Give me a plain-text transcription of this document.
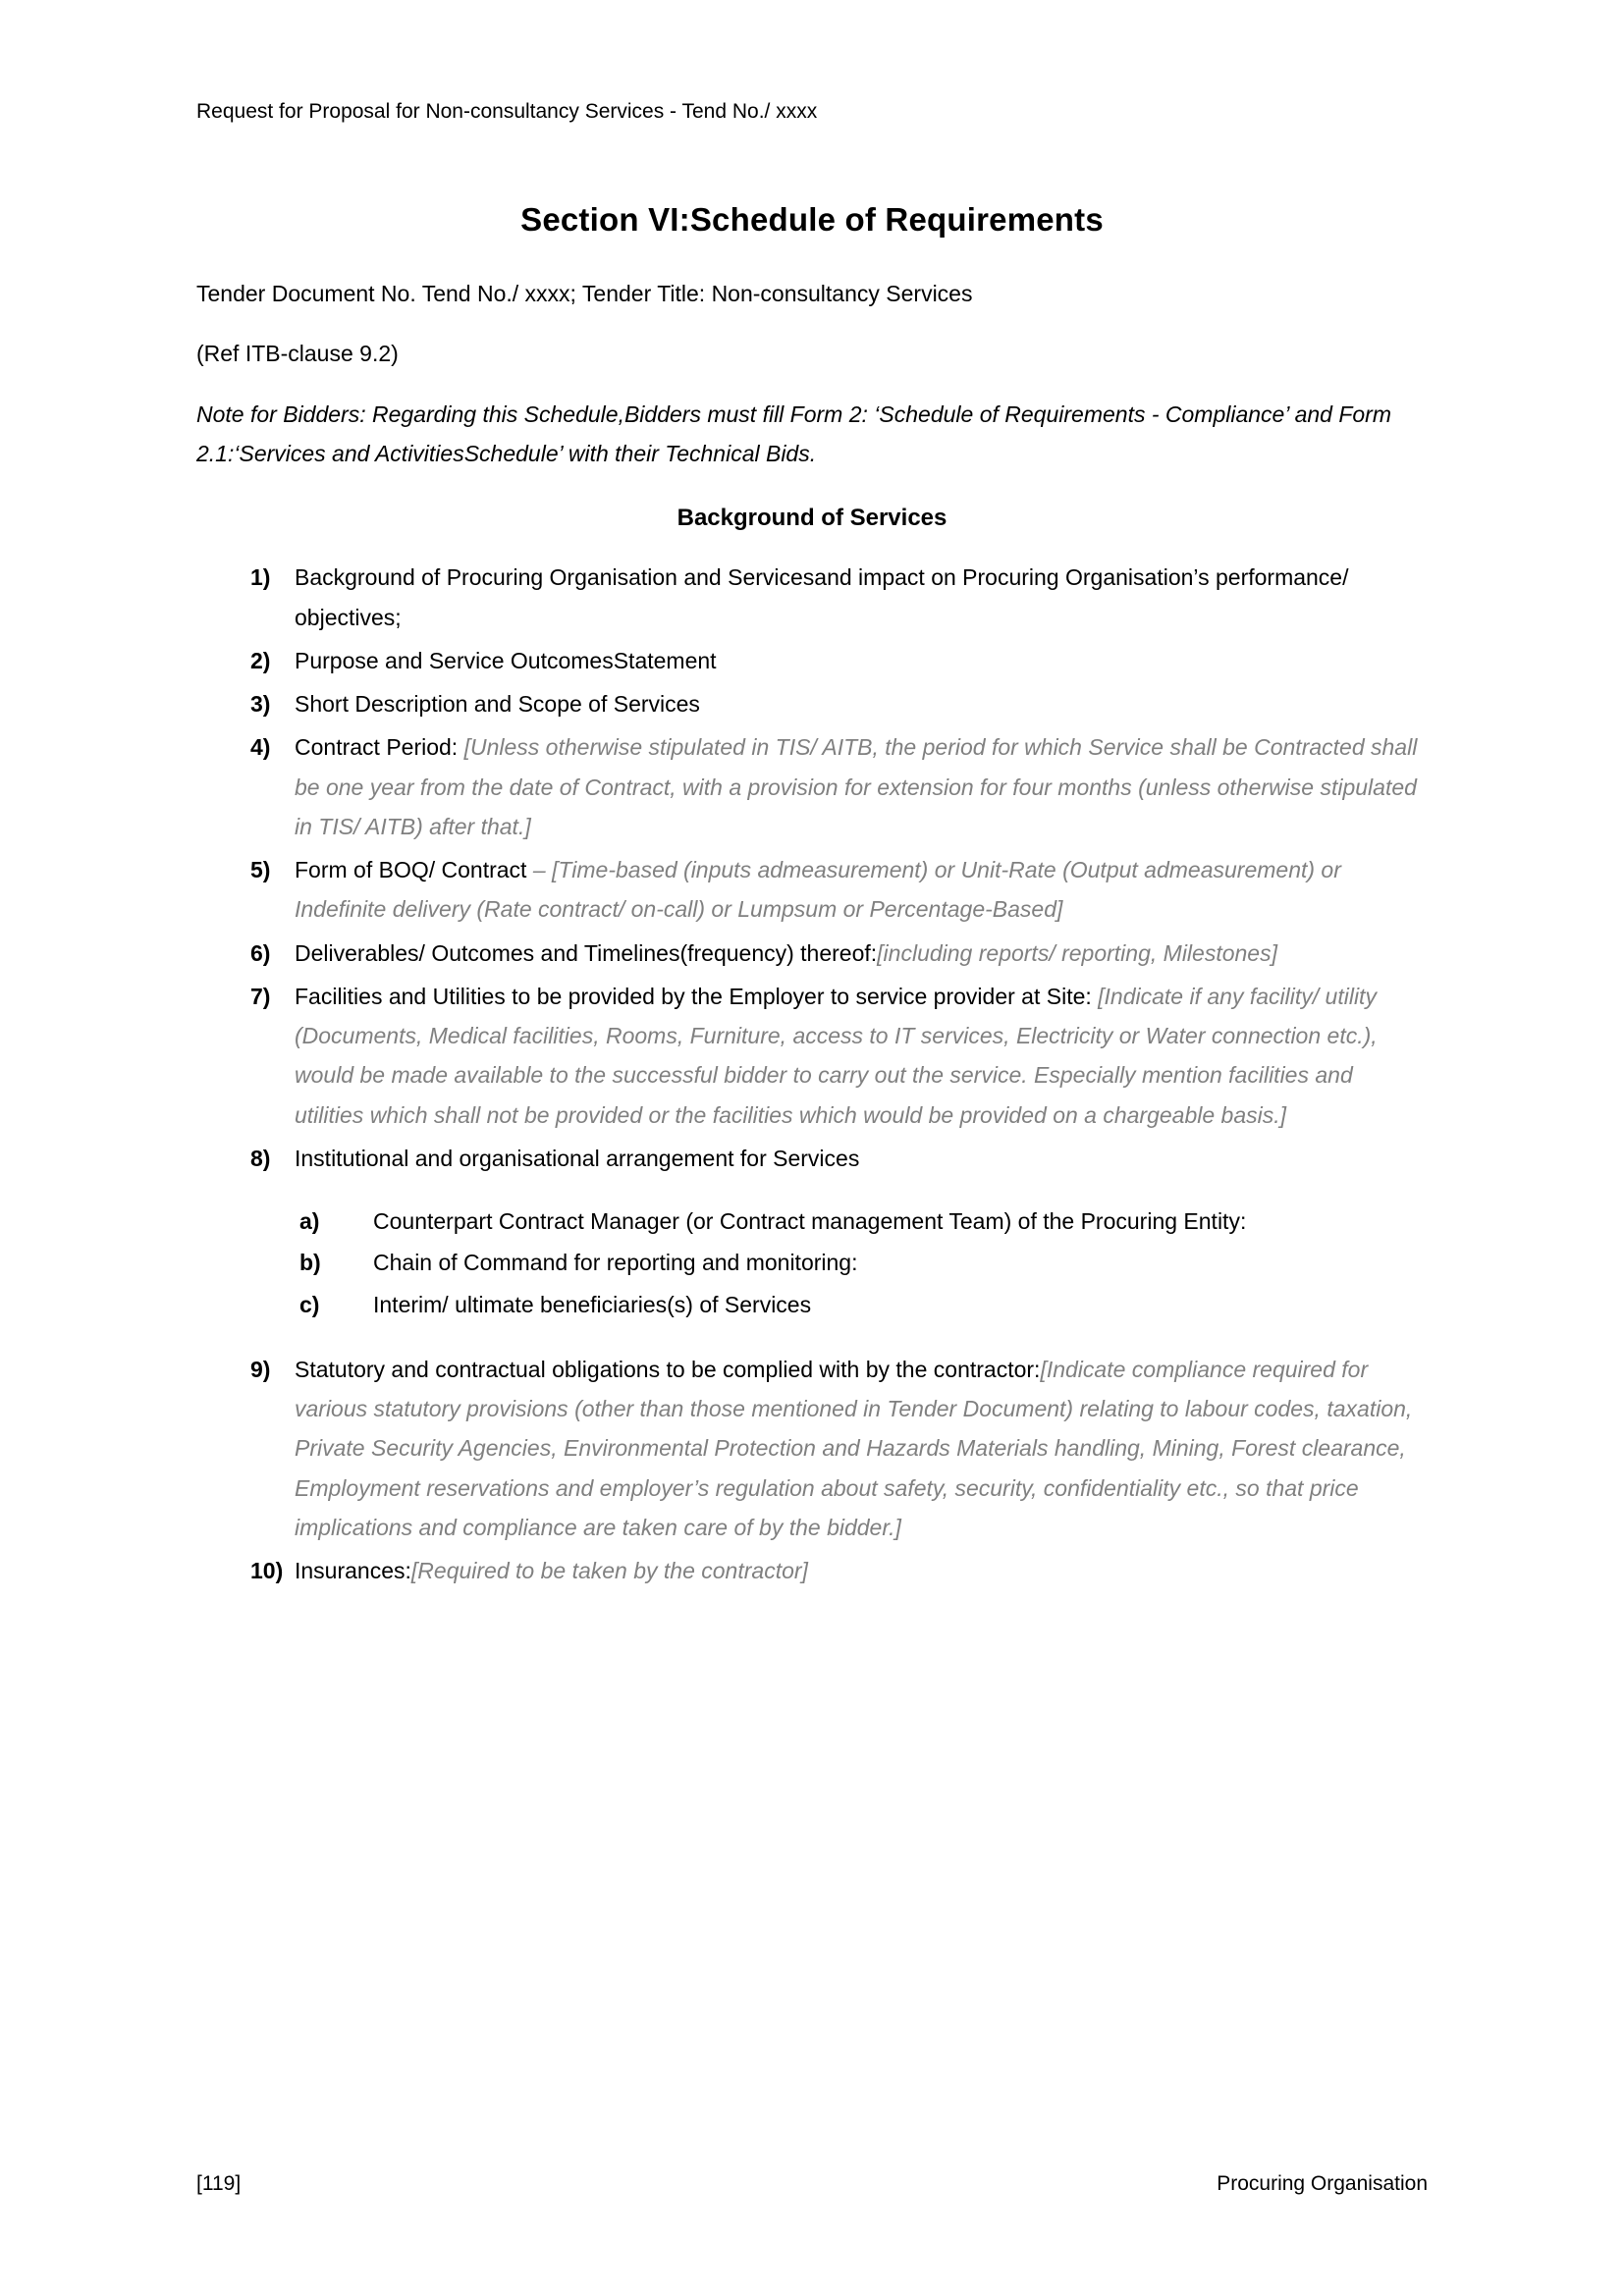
Request for Proposal for Non-consultancy Services - Tend No./ xxxx
Section VI:Schedule of Requirements

Tender Document No. Tend No./ xxxx; Tender Title: Non-consultancy Services

(Ref ITB-clause 9.2)

Note for Bidders: Regarding this Schedule,Bidders must fill Form 2: ‘Schedule of Requirements - Compliance’ and Form 2.1:‘Services and ActivitiesSchedule’ with their Technical Bids.

Background of Services
1)	Background of Procuring Organisation and Servicesand impact on Procuring Organisation’s performance/ objectives;
2)	Purpose and Service OutcomesStatement
3)	Short Description and Scope of Services
4)	Contract Period: [Unless otherwise stipulated in TIS/ AITB, the period for which Service shall be Contracted shall be one year from the date of Contract, with a provision for extension for four months (unless otherwise stipulated in TIS/ AITB) after that.]
5)	Form of BOQ/ Contract – [Time-based (inputs admeasurement) or Unit-Rate (Output admeasurement) or Indefinite delivery (Rate contract/ on-call) or Lumpsum or Percentage-Based]
6)	Deliverables/ Outcomes and Timelines(frequency) thereof:[including reports/ reporting, Milestones]
7)	Facilities and Utilities to be provided by the Employer to service provider at Site: [Indicate if any facility/ utility (Documents, Medical facilities, Rooms, Furniture, access to IT services, Electricity or Water connection etc.), would be made available to the successful bidder to carry out the service. Especially mention facilities and utilities which shall not be provided or the facilities which would be provided on a chargeable basis.]
8)	Institutional and organisational arrangement for Services
a)	Counterpart Contract Manager (or Contract management Team) of the Procuring Entity:
b)	Chain of Command for reporting and monitoring:
c)	Interim/ ultimate beneficiaries(s) of Services
9)	Statutory and contractual obligations to be complied with by the contractor:[Indicate compliance required for various statutory provisions (other than those mentioned in Tender Document) relating to labour codes, taxation, Private Security Agencies, Environmental Protection and Hazards Materials handling, Mining, Forest clearance, Employment reservations and employer’s regulation about safety, security, confidentiality etc., so that price implications and compliance are taken care of by the bidder.]
10) Insurances:[Required to be taken by the contractor]
[119]	Procuring Organisation
